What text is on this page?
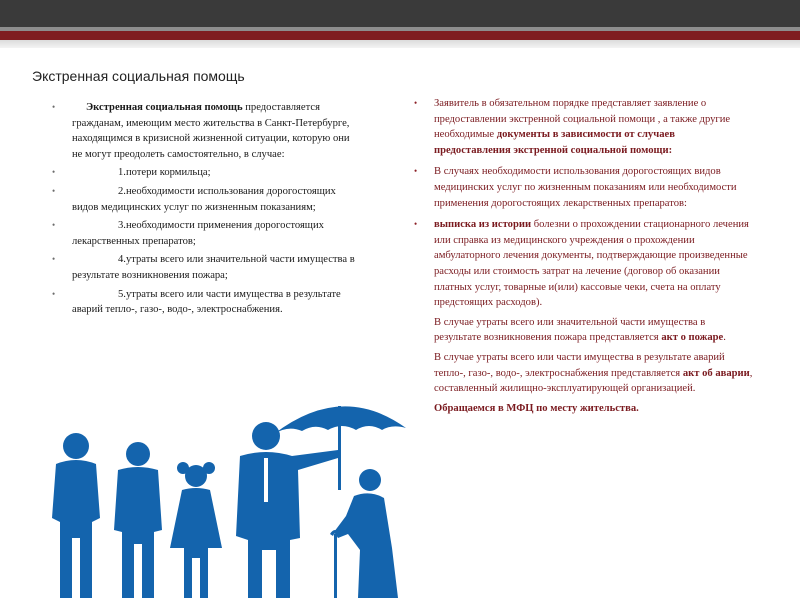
Экстренная социальная помощь
•	Экстренная социальная помощь предоставляется гражданам, имеющим место жительства в Санкт-Петербурге, находящимся в кризисной жизненной ситуации, которую они не могут преодолеть самостоятельно, в случае:
•	1.потери кормильца;
•	2.необходимости использования дорогостоящих видов медицинских услуг по жизненным показаниям;
•	3.необходимости применения дорогостоящих лекарственных препаратов;
•	4.утраты всего или значительной части имущества в результате возникновения пожара;
•	5.утраты всего или части имущества в результате аварий тепло-, газо-, водо-, электроснабжения.
• Заявитель в обязательном порядке представляет заявление о предоставлении экстренной социальной помощи , а также другие необходимые документы в зависимости от случаев предоставления экстренной социальной помощи:
• В случаях необходимости использования дорогостоящих видов медицинских услуг по жизненным показаниям или необходимости применения дорогостоящих лекарственных препаратов:
• выписка из истории болезни о прохождении стационарного лечения или справка из медицинского учреждения о прохождении амбулаторного лечения документы, подтверждающие произведенные расходы или стоимость затрат на лечение (договор об оказании платных услуг, товарные и(или) кассовые чеки, счета на оплату предстоящих расходов).

В случае утраты всего или значительной части имущества в результате возникновения пожара представляется акт о пожаре.

В случае утраты всего или части имущества в результате аварий тепло-, газо-, водо-, электроснабжения представляется акт об аварии, составленный жилищно-эксплуатирующей организацией.

Обращаемся в МФЦ по месту жительства.
